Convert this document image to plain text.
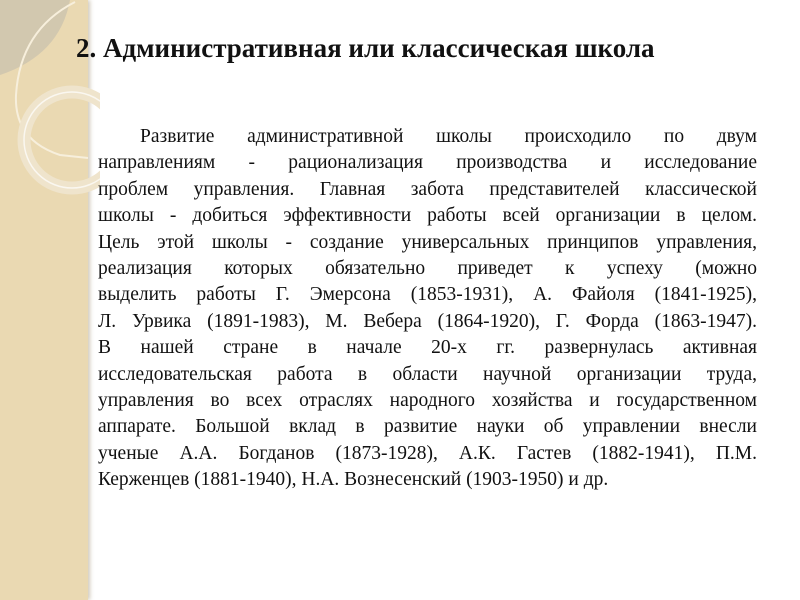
2. Административная или классическая школа
Развитие административной школы происходило по двум
направлениям - рационализация производства и исследование
проблем управления. Главная забота представителей классической
школы - добиться эффективности работы всей организации в целом.
Цель этой школы - создание универсальных принципов управления,
реализация которых обязательно приведет к успеху (можно
выделить работы Г. Эмерсона (1853-1931), А. Файоля (1841-1925),
Л. Урвика (1891-1983), М. Вебера (1864-1920), Г. Форда (1863-1947).
В нашей стране в начале 20-х гг. развернулась активная
исследовательская работа в области научной организации труда,
управления во всех отраслях народного хозяйства и государственном
аппарате. Большой вклад в развитие науки об управлении внесли
ученые А.А. Богданов (1873-1928), А.К. Гастев (1882-1941), П.М.
Керженцев (1881-1940), Н.А. Вознесенский (1903-1950) и др.
